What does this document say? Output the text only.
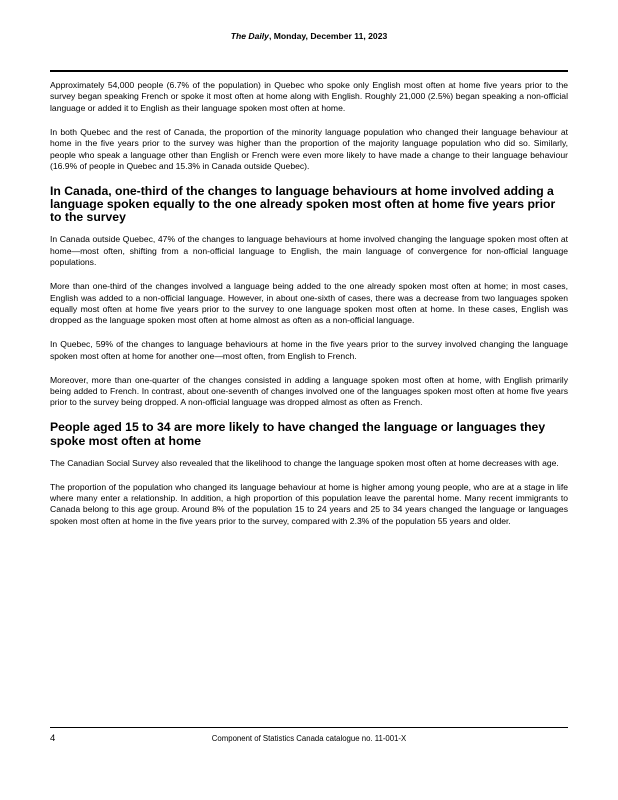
The Daily, Monday, December 11, 2023

Approximately 54,000 people (6.7% of the population) in Quebec who spoke only English most often at home five years prior to the survey began speaking French or spoke it most often at home along with English. Roughly 21,000 (2.5%) began speaking a non-official language or added it to English as their language spoken most often at home.

In both Quebec and the rest of Canada, the proportion of the minority language population who changed their language behaviour at home in the five years prior to the survey was higher than the proportion of the majority language population who did so. Similarly, people who speak a language other than English or French were even more likely to have made a change to their language behaviour (16.9% of people in Quebec and 15.3% in Canada outside Quebec).

In Canada, one-third of the changes to language behaviours at home involved adding a language spoken equally to the one already spoken most often at home five years prior to the survey

In Canada outside Quebec, 47% of the changes to language behaviours at home involved changing the language spoken most often at home—most often, shifting from a non-official language to English, the main language of convergence for non-official language populations.

More than one-third of the changes involved a language being added to the one already spoken most often at home; in most cases, English was added to a non-official language. However, in about one-sixth of cases, there was a decrease from two languages spoken equally most often at home five years prior to the survey to one language spoken most often at home. In these cases, English was dropped as the language spoken most often at home almost as often as a non-official language.

In Quebec, 59% of the changes to language behaviours at home in the five years prior to the survey involved changing the language spoken most often at home for another one—most often, from English to French.

Moreover, more than one-quarter of the changes consisted in adding a language spoken most often at home, with English primarily being added to French. In contrast, about one-seventh of changes involved one of the languages spoken most often at home five years prior to the survey being dropped. A non-official language was dropped almost as often as French.

People aged 15 to 34 are more likely to have changed the language or languages they spoke most often at home

The Canadian Social Survey also revealed that the likelihood to change the language spoken most often at home decreases with age.

The proportion of the population who changed its language behaviour at home is higher among young people, who are at a stage in life where many enter a relationship. In addition, a high proportion of this population leave the parental home. Many recent immigrants to Canada belong to this age group. Around 8% of the population 15 to 24 years and 25 to 34 years changed the language or languages spoken most often at home in the five years prior to the survey, compared with 2.3% of the population 55 years and older.

4	Component of Statistics Canada catalogue no. 11-001-X
